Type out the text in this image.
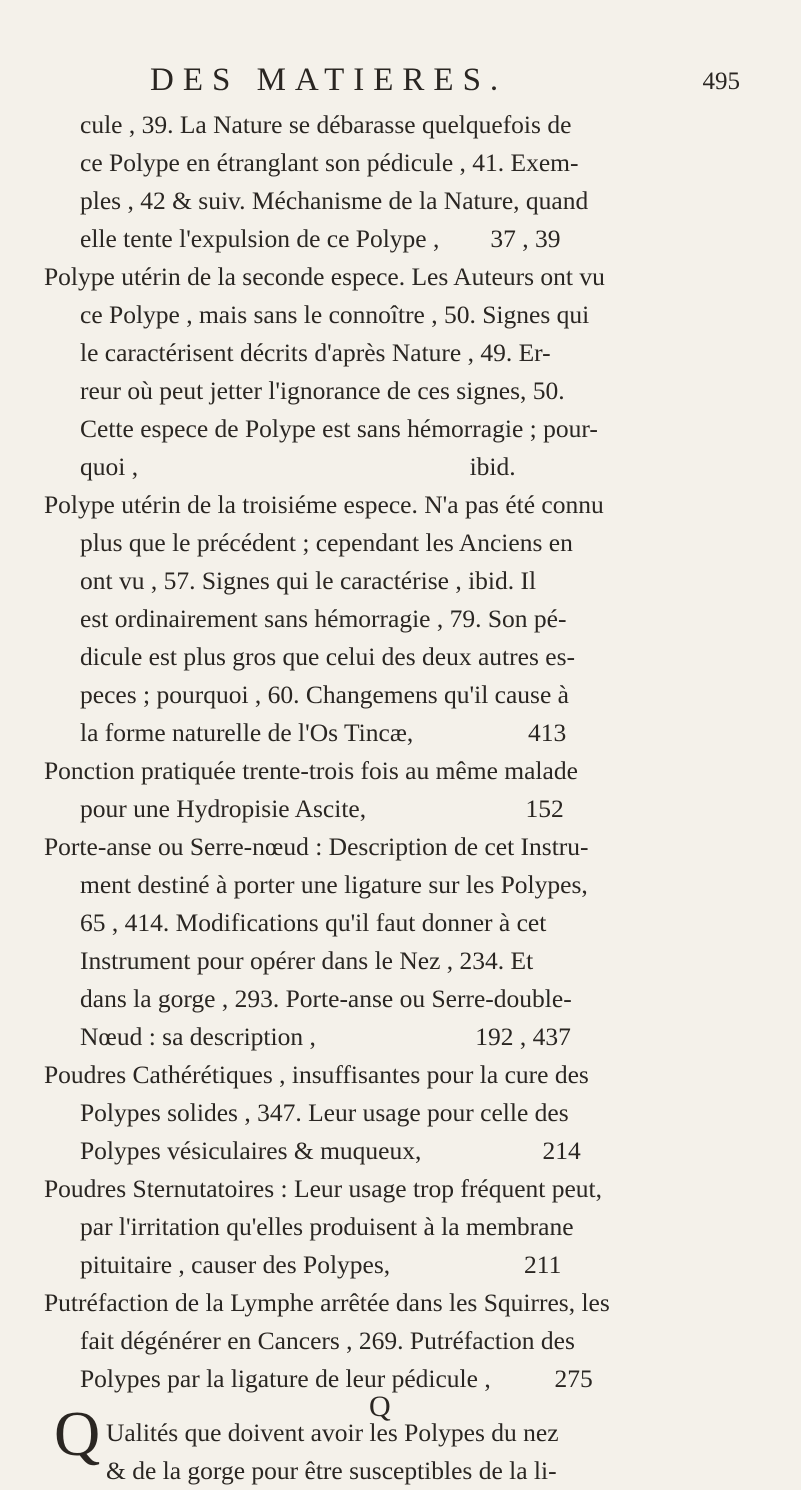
DES MATIERES.	495
cule , 39. La Nature se débarasse quelquefois de
ce Polype en étranglant son pédicule , 41. Exem-
ples , 42 & suiv. Méchanisme de la Nature, quand
elle tente l'expulsion de ce Polype ,        37 , 39
Polype utérin de la seconde espece. Les Auteurs ont vu
ce Polype , mais sans le connoître , 50. Signes qui
le caractérisent décrits d'après Nature , 49. Er-
reur où peut jetter l'ignorance de ces signes, 50.
Cette espece de Polype est sans hémorragie ; pour-
quoi ,                                                    ibid.
Polype utérin de la troisiéme espece. N'a pas été connu
plus que le précédent ; cependant les Anciens en
ont vu , 57. Signes qui le caractérise , ibid. Il
est ordinairement sans hémorragie , 79. Son pé-
dicule est plus gros que celui des deux autres es-
peces ; pourquoi , 60. Changemens qu'il cause à
la forme naturelle de l'Os Tincæ,                  413
Ponction pratiquée trente-trois fois au même malade
pour une Hydropisie Ascite,                         152
Porte-anse ou Serre-nœud : Description de cet Instru-
ment destiné à porter une ligature sur les Polypes,
65 , 414. Modifications qu'il faut donner à cet
Instrument pour opérer dans le Nez , 234. Et
dans la gorge , 293. Porte-anse ou Serre-double-
Nœud : sa description ,                         192 , 437
Poudres Cathérétiques , insuffisantes pour la cure des
Polypes solides , 347. Leur usage pour celle des
Polypes vésiculaires & muqueux,                   214
Poudres Sternutatoires : Leur usage trop fréquent peut,
par l'irritation qu'elles produisent à la membrane
pituitaire , causer des Polypes,                     211
Putréfaction de la Lymphe arrêtée dans les Squirres, les
fait dégénérer en Cancers , 269. Putréfaction des
Polypes par la ligature de leur pédicule ,          275
Q
Q Ualités que doivent avoir les Polypes du nez
& de la gorge pour être susceptibles de la li-
